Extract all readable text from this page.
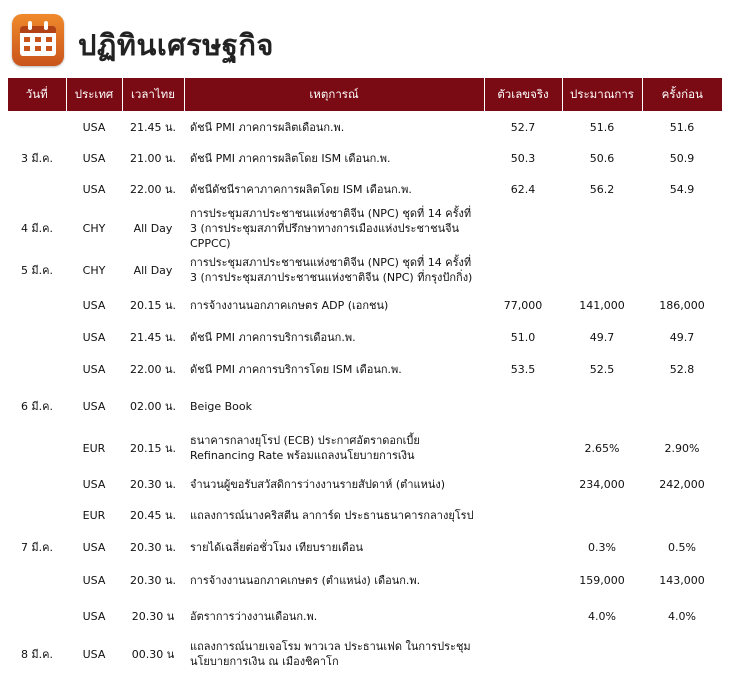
ปฏิทินเศรษฐกิจ
วันที่	ประเทศ	เวลาไทย	เหตุการณ์	ตัวเลขจริง	ประมาณการ	ครั้งก่อน
	USA	21.45 น.	ดัชนี PMI ภาคการผลิตเดือนก.พ.	52.7	51.6	51.6
3 มี.ค.	USA	21.00 น.	ดัชนี PMI ภาคการผลิตโดย ISM เดือนก.พ.	50.3	50.6	50.9
	USA	22.00 น.	ดัชนีดัชนีราคาภาคการผลิตโดย ISM เดือนก.พ.	62.4	56.2	54.9
4 มี.ค.	CHY	All Day	การประชุมสภาประชาชนแห่งชาติจีน (NPC) ชุดที่ 14 ครั้งที่ 3 (การประชุมสภาที่ปรึกษาทางการเมืองแห่งประชาชนจีน CPPCC)			
5 มี.ค.	CHY	All Day	การประชุมสภาประชาชนแห่งชาติจีน (NPC) ชุดที่ 14 ครั้งที่ 3 (การประชุมสภาประชาชนแห่งชาติจีน (NPC) ที่กรุงปักกิ่ง)			
	USA	20.15 น.	การจ้างงานนอกภาคเกษตร ADP (เอกชน)	77,000	141,000	186,000
	USA	21.45 น.	ดัชนี PMI ภาคการบริการเดือนก.พ.	51.0	49.7	49.7
	USA	22.00 น.	ดัชนี PMI ภาคการบริการโดย ISM เดือนก.พ.	53.5	52.5	52.8
6 มี.ค.	USA	02.00 น.	Beige Book			
	EUR	20.15 น.	ธนาคารกลางยุโรป (ECB) ประกาศอัตราดอกเบี้ย Refinancing Rate พร้อมแถลงนโยบายการเงิน		2.65%	2.90%
	USA	20.30 น.	จำนวนผู้ขอรับสวัสดิการว่างงานรายสัปดาห์ (ตำแหน่ง)		234,000	242,000
	EUR	20.45 น.	แถลงการณ์นางคริสตีน ลาการ์ด ประธานธนาคารกลางยุโรป			
7 มี.ค.	USA	20.30 น.	รายได้เฉลี่ยต่อชั่วโมง เทียบรายเดือน		0.3%	0.5%
	USA	20.30 น.	การจ้างงานนอกภาคเกษตร (ตำแหน่ง) เดือนก.พ.		159,000	143,000
	USA	20.30 น	อัตราการว่างงานเดือนก.พ.		4.0%	4.0%
8 มี.ค.	USA	00.30 น	แถลงการณ์นายเจอโรม พาวเวล ประธานเฟด ในการประชุมนโยบายการเงิน ณ เมืองชิคาโก			
